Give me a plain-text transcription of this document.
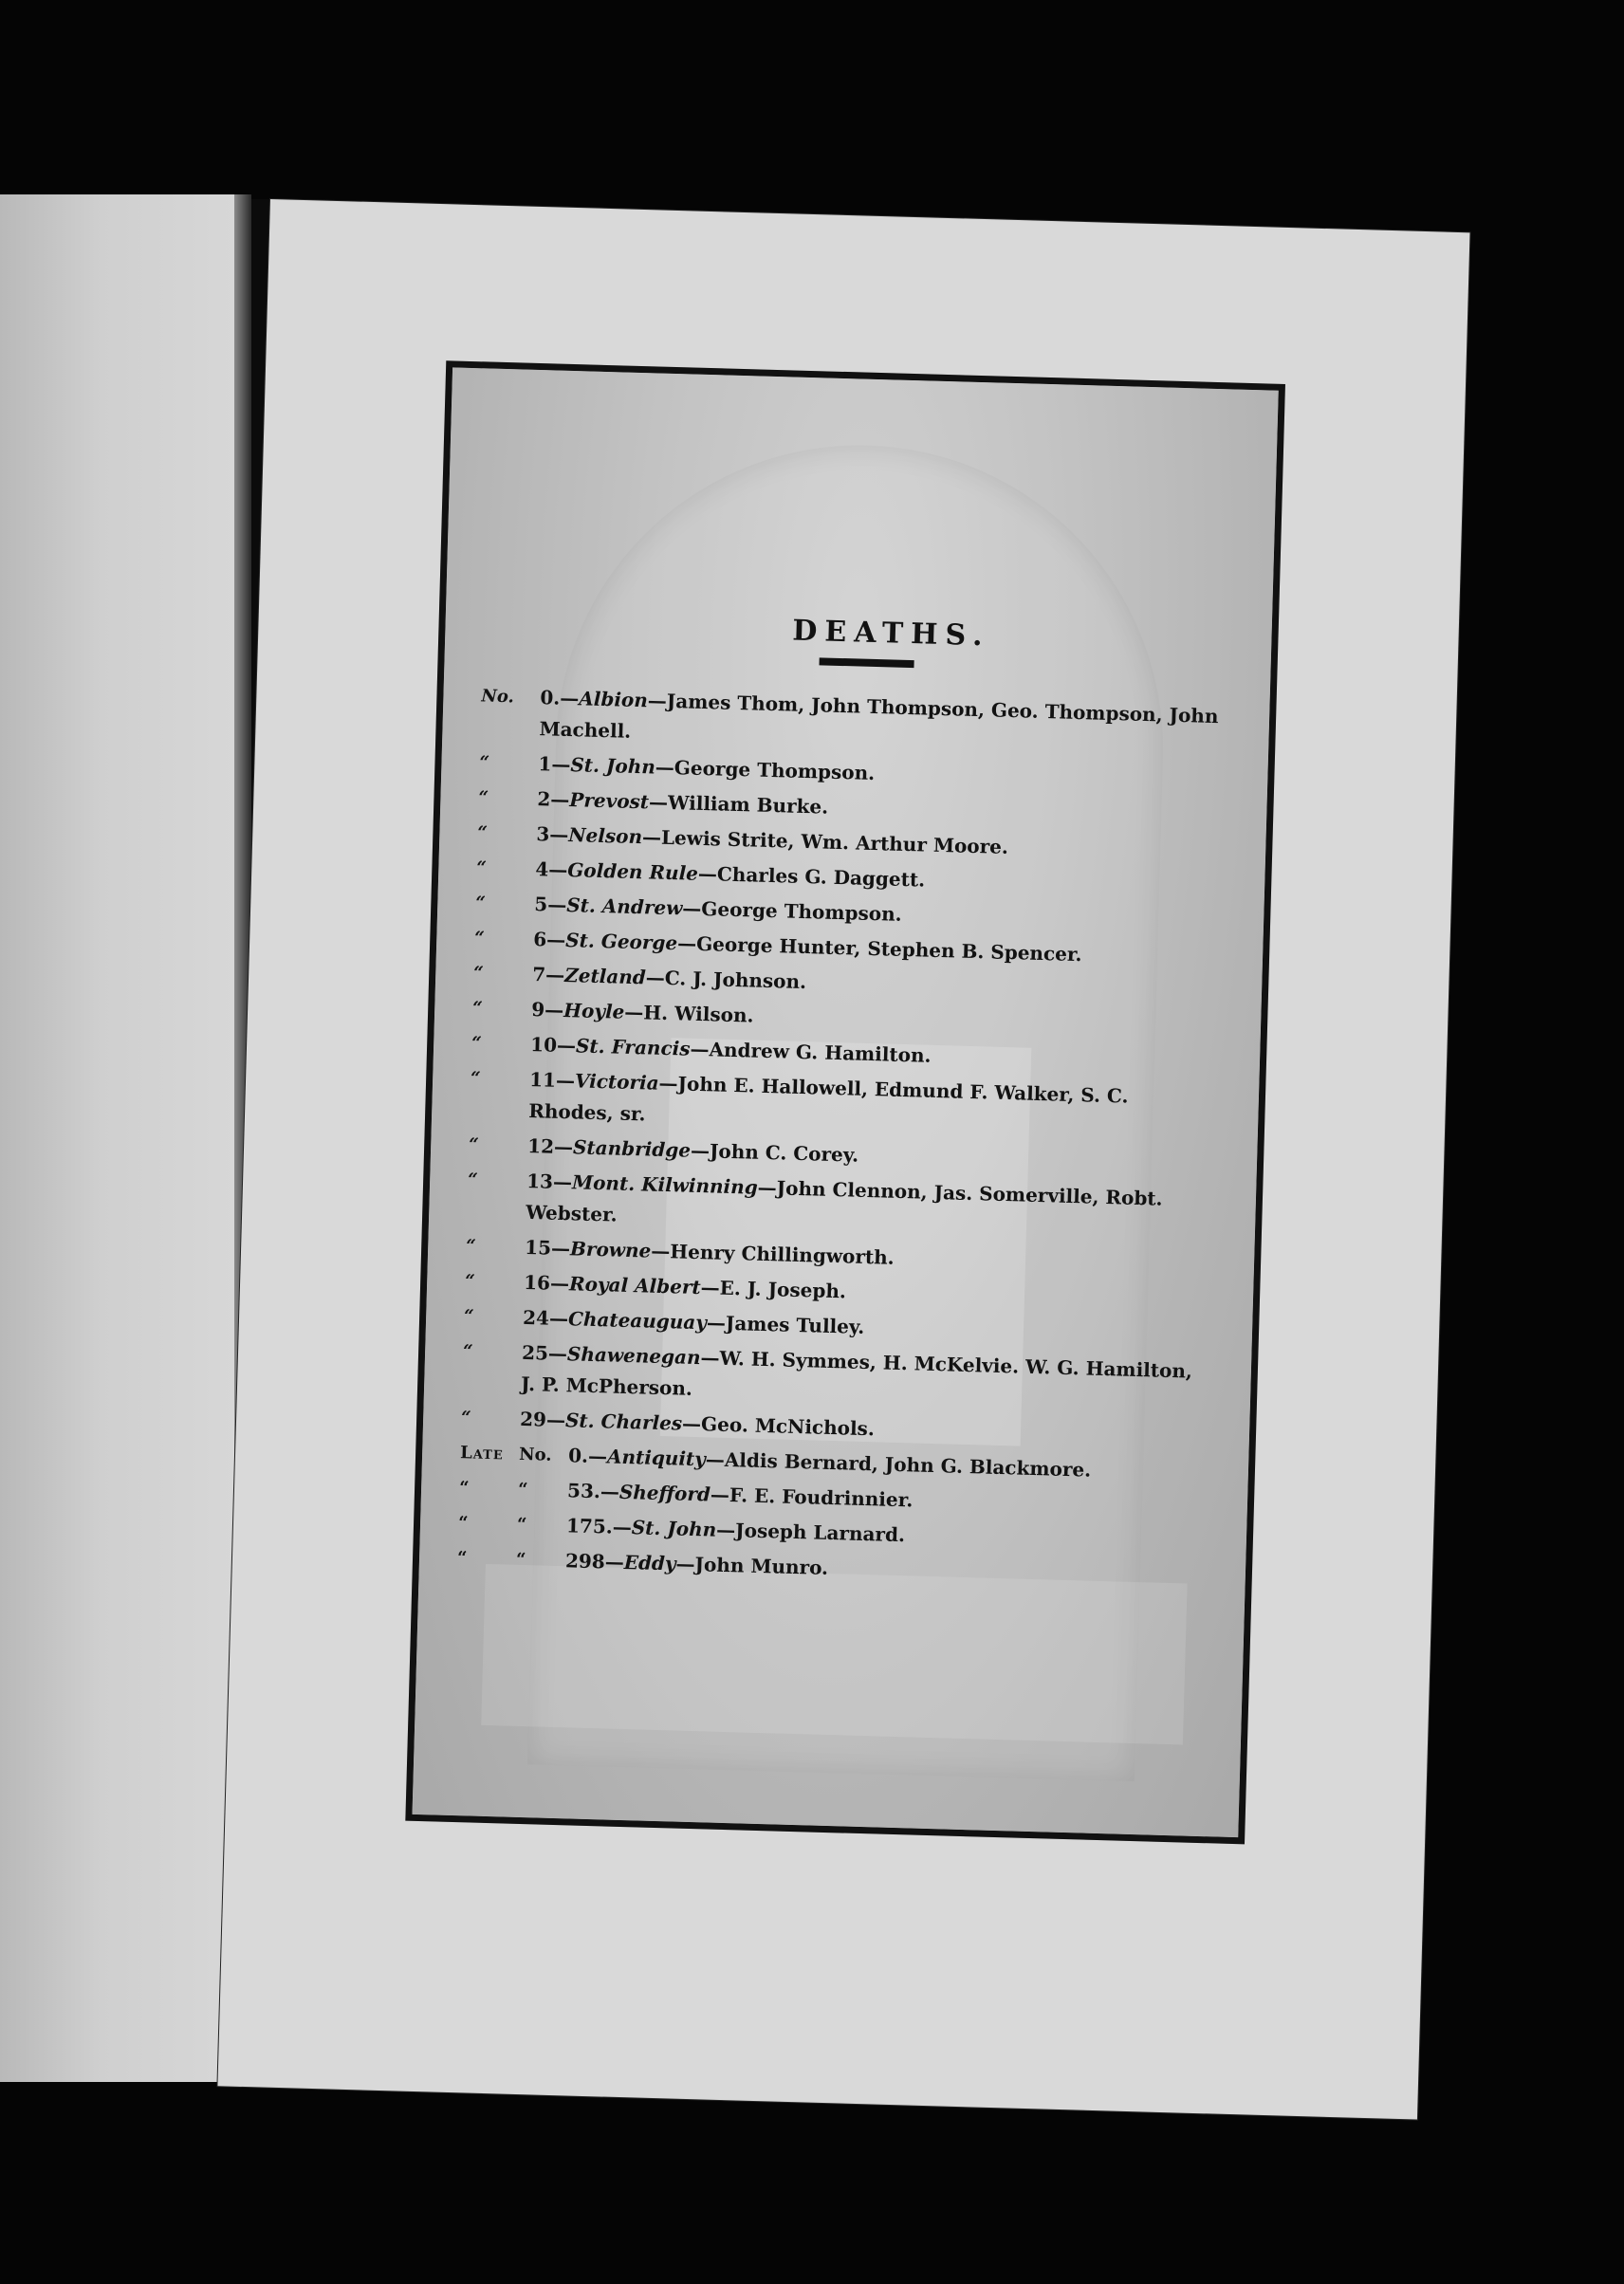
DEATHS.
No.	0.—Albion—James Thom, John Thompson, Geo. Thompson, John Machell.
“	1—St. John—George Thompson.
“	2—Prevost—William Burke.
“	3—Nelson—Lewis Strite, Wm. Arthur Moore.
“	4—Golden Rule—Charles G. Daggett.
“	5—St. Andrew—George Thompson.
“	6—St. George—George Hunter, Stephen B. Spencer.
“	7—Zetland—C. J. Johnson.
“	9—Hoyle—H. Wilson.
“	10—St. Francis—Andrew G. Hamilton.
“	11—Victoria—John E. Hallowell, Edmund F. Walker, S. C. Rhodes, sr.
“	12—Stanbridge—John C. Corey.
“	13—Mont. Kilwinning—John Clennon, Jas. Somerville, Robt. Webster.
“	15—Browne—Henry Chillingworth.
“	16—Royal Albert—E. J. Joseph.
“	24—Chateauguay—James Tulley.
“	25—Shawenegan—W. H. Symmes, H. McKelvie. W. G. Hamilton, J. P. McPherson.
“	29—St. Charles—Geo. McNichols.
Late No. 0.—Antiquity—Aldis Bernard, John G. Blackmore.
“	“	53.—Shefford—F. E. Foudrinnier.
“	“	175.—St. John—Joseph Larnard.
“	“	298—Eddy—John Munro.
